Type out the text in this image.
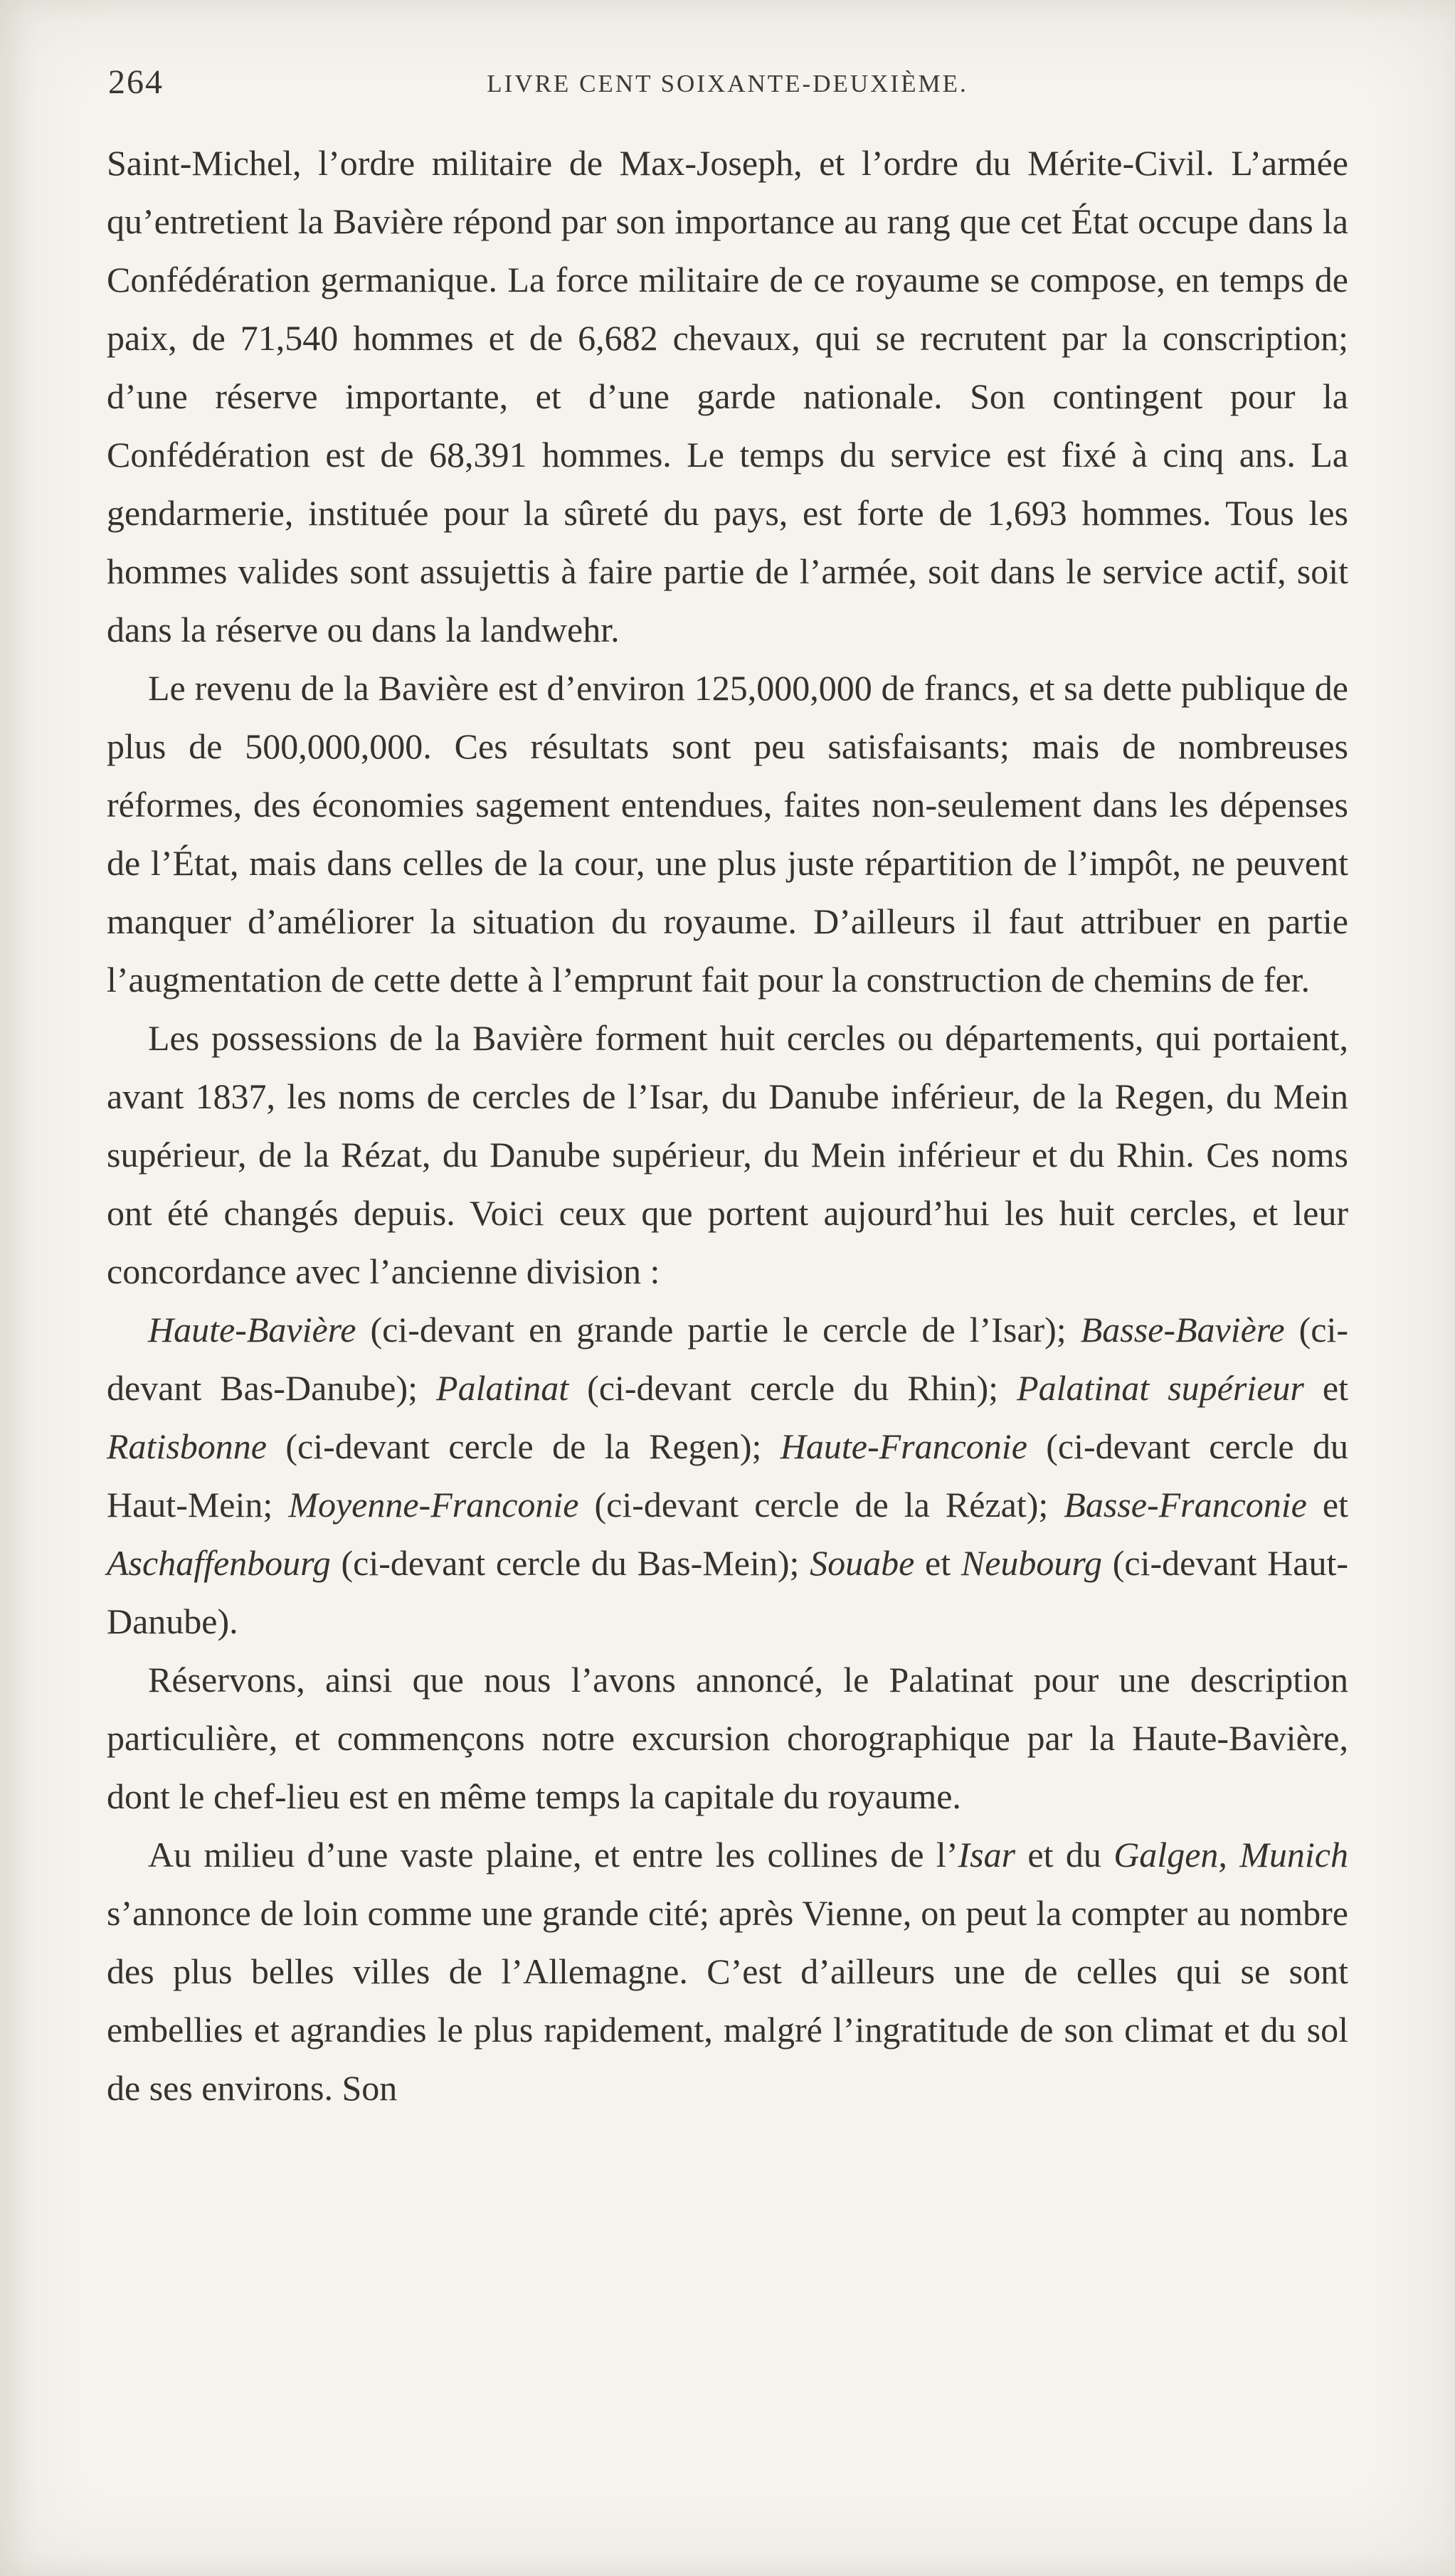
264	LIVRE CENT SOIXANTE-DEUXIÈME.

Saint-Michel, l’ordre militaire de Max-Joseph, et l’ordre du Mérite-Civil. L’armée qu’entretient la Bavière répond par son importance au rang que cet État occupe dans la Confédération germanique. La force militaire de ce royaume se compose, en temps de paix, de 71,540 hommes et de 6,682 chevaux, qui se recrutent par la conscription; d’une réserve importante, et d’une garde nationale. Son contingent pour la Confédération est de 68,391 hommes. Le temps du service est fixé à cinq ans. La gendarmerie, instituée pour la sûreté du pays, est forte de 1,693 hommes. Tous les hommes valides sont assujettis à faire partie de l’armée, soit dans le service actif, soit dans la réserve ou dans la landwehr.

Le revenu de la Bavière est d’environ 125,000,000 de francs, et sa dette publique de plus de 500,000,000. Ces résultats sont peu satisfaisants; mais de nombreuses réformes, des économies sagement entendues, faites non-seulement dans les dépenses de l’État, mais dans celles de la cour, une plus juste répartition de l’impôt, ne peuvent manquer d’améliorer la situation du royaume. D’ailleurs il faut attribuer en partie l’augmentation de cette dette à l’emprunt fait pour la construction de chemins de fer.

Les possessions de la Bavière forment huit cercles ou départements, qui portaient, avant 1837, les noms de cercles de l’Isar, du Danube inférieur, de la Regen, du Mein supérieur, de la Rézat, du Danube supérieur, du Mein inférieur et du Rhin. Ces noms ont été changés depuis. Voici ceux que portent aujourd’hui les huit cercles, et leur concordance avec l’ancienne division :

Haute-Bavière (ci-devant en grande partie le cercle de l’Isar); Basse-Bavière (ci-devant Bas-Danube); Palatinat (ci-devant cercle du Rhin); Palatinat supérieur et Ratisbonne (ci-devant cercle de la Regen); Haute-Franconie (ci-devant cercle du Haut-Mein; Moyenne-Franconie (ci-devant cercle de la Rézat); Basse-Franconie et Aschaffenbourg (ci-devant cercle du Bas-Mein); Souabe et Neubourg (ci-devant Haut-Danube).

Réservons, ainsi que nous l’avons annoncé, le Palatinat pour une description particulière, et commençons notre excursion chorographique par la Haute-Bavière, dont le chef-lieu est en même temps la capitale du royaume.

Au milieu d’une vaste plaine, et entre les collines de l’Isar et du Galgen, Munich s’annonce de loin comme une grande cité; après Vienne, on peut la compter au nombre des plus belles villes de l’Allemagne. C’est d’ailleurs une de celles qui se sont embellies et agrandies le plus rapidement, malgré l’ingratitude de son climat et du sol de ses environs. Son
